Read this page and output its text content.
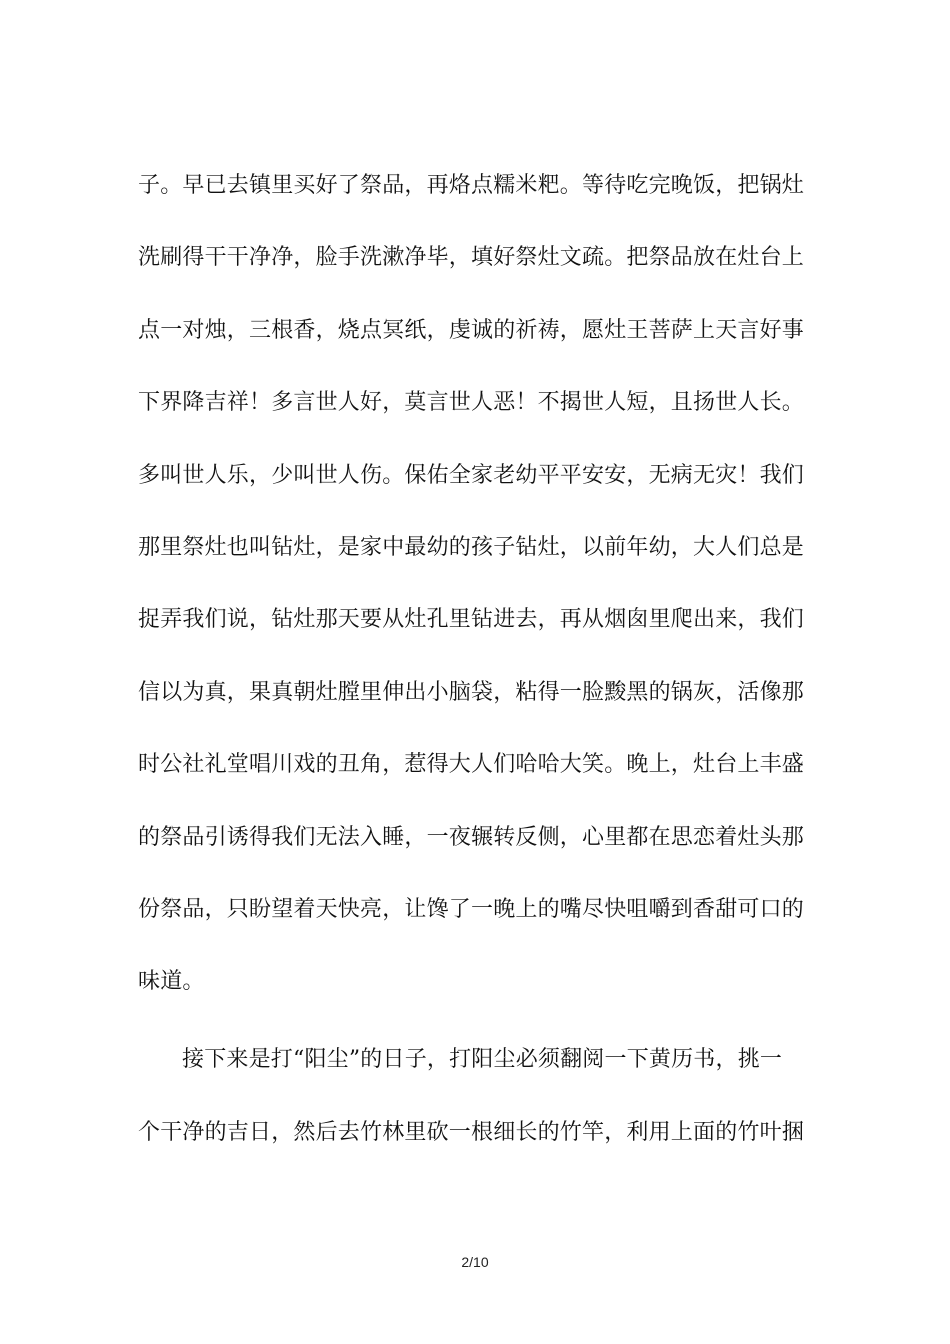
子。早已去镇里买好了祭品，再烙点糯米粑。等待吃完晚饭，把锅灶
洗刷得干干净净，脸手洗漱净毕，填好祭灶文疏。把祭品放在灶台上
点一对烛，三根香，烧点冥纸，虔诚的祈祷，愿灶王菩萨上天言好事
下界降吉祥！多言世人好，莫言世人恶！不揭世人短，且扬世人长。
多叫世人乐，少叫世人伤。保佑全家老幼平平安安，无病无灾！我们
那里祭灶也叫钻灶，是家中最幼的孩子钻灶，以前年幼，大人们总是
捉弄我们说，钻灶那天要从灶孔里钻进去，再从烟囱里爬出来，我们
信以为真，果真朝灶膛里伸出小脑袋，粘得一脸黢黑的锅灰，活像那
时公社礼堂唱川戏的丑角，惹得大人们哈哈大笑。晚上，灶台上丰盛
的祭品引诱得我们无法入睡，一夜辗转反侧，心里都在思恋着灶头那
份祭品，只盼望着天快亮，让馋了一晚上的嘴尽快咀嚼到香甜可口的
味道。
接下来是打“阳尘”的日子，打阳尘必须翻阅一下黄历书，挑一
个干净的吉日，然后去竹林里砍一根细长的竹竿，利用上面的竹叶捆
2/10
